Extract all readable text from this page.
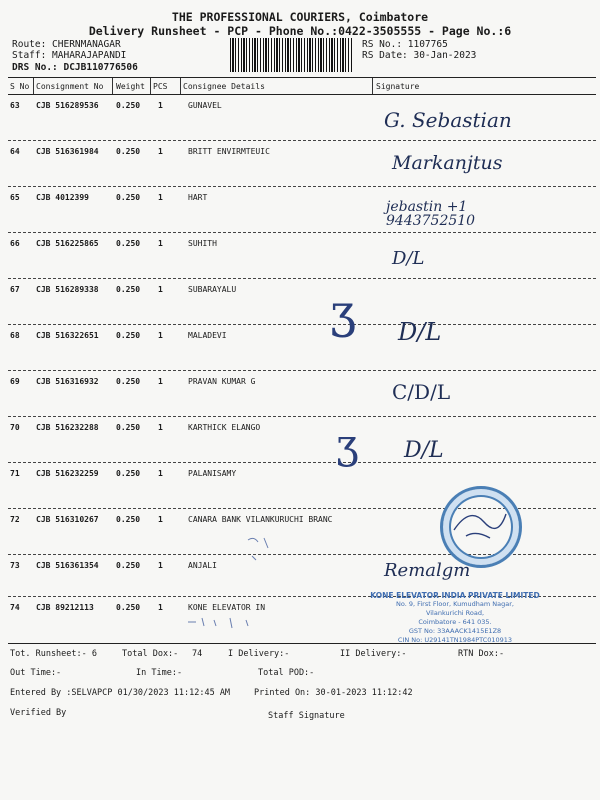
THE PROFESSIONAL COURIERS, Coimbatore
Delivery Runsheet - PCP - Phone No.:0422-3505555 - Page No.:6
Route: CHERNMANAGAR
Staff: MAHARAJAPANDI
DRS No.: DCJB110776506
RS No.: 1107765
RS Date: 30-Jan-2023
S No Consignment No Weight PCS Consignee Details	Signature
63 CJB 516289536 0.250 1	GUNAVEL
G. Sebastian
64 CJB 516361984 0.250 1	BRITT ENVIRMTEUIC
Markanjtus
65 CJB 4012399	0.250 1	HART
jebastin +1
9443752510
66 CJB 516225865 0.250 1	SUHITH
D/L
67 CJB 516289338 0.250 1	SUBARAYALU
68 CJB 516322651 0.250 1	MALADEVI	D/L
69 CJB 516316932 0.250 1	PRAVAN KUMAR G	C/D/L
70 CJB 516232288 0.250 1	KARTHICK ELANGO
D/L
71 CJB 516232259 0.250 1	PALANISAMY
72 CJB 516310267 0.250 1	CANARA BANK VILANKURUCHI BRANC
73 CJB 516361354 0.250 1	ANJALI	Remalgm
74 CJB 89212113	0.250 1	KONE ELEVATOR IN
ʒ
ʒ
KONE ELEVATOR INDIA PRIVATE LIMITED
No. 9, First Floor, Kumudham Nagar,
Vilankurichi Road,
Coimbatore - 641 035.
GST No: 33AAACK1415E1Z8
CIN No: U29141TN1984PTC010913
Tot. Runsheet:- 6	Total Dox:- 74	I Delivery:-	II Delivery:-	RTN Dox:-
Out Time:-	In Time:-	Total POD:-
Entered By :SELVAPCP 01/30/2023 11:12:45 AM	Printed On: 30-01-2023 11:12:42
Verified By	Staff Signature
